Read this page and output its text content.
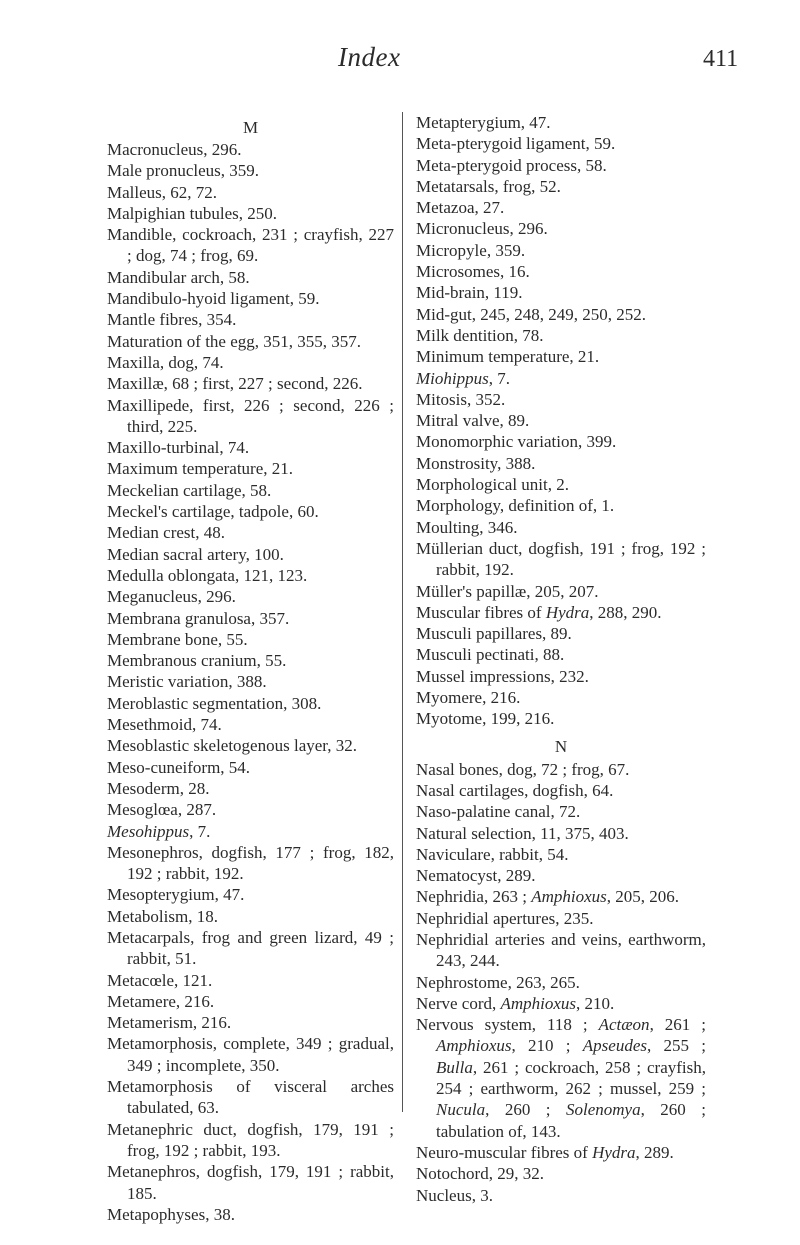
Index	411
M
Macronucleus, 296.
Male pronucleus, 359.
Malleus, 62, 72.
Malpighian tubules, 250.
Mandible, cockroach, 231 ; crayfish, 227 ; dog, 74 ; frog, 69.
Mandibular arch, 58.
Mandibulo-hyoid ligament, 59.
Mantle fibres, 354.
Maturation of the egg, 351, 355, 357.
Maxilla, dog, 74.
Maxillæ, 68 ; first, 227 ; second, 226.
Maxillipede, first, 226 ; second, 226 ; third, 225.
Maxillo-turbinal, 74.
Maximum temperature, 21.
Meckelian cartilage, 58.
Meckel's cartilage, tadpole, 60.
Median crest, 48.
Median sacral artery, 100.
Medulla oblongata, 121, 123.
Meganucleus, 296.
Membrana granulosa, 357.
Membrane bone, 55.
Membranous cranium, 55.
Meristic variation, 388.
Meroblastic segmentation, 308.
Mesethmoid, 74.
Mesoblastic skeletogenous layer, 32.
Meso-cuneiform, 54.
Mesoderm, 28.
Mesoglœa, 287.
Mesohippus, 7.
Mesonephros, dogfish, 177 ; frog, 182, 192 ; rabbit, 192.
Mesopterygium, 47.
Metabolism, 18.
Metacarpals, frog and green lizard, 49 ; rabbit, 51.
Metacœle, 121.
Metamere, 216.
Metamerism, 216.
Metamorphosis, complete, 349 ; gradual, 349 ; incomplete, 350.
Metamorphosis of visceral arches tabulated, 63.
Metanephric duct, dogfish, 179, 191 ; frog, 192 ; rabbit, 193.
Metanephros, dogfish, 179, 191 ; rabbit, 185.
Metapophyses, 38.
Metapterygium, 47.
Meta-pterygoid ligament, 59.
Meta-pterygoid process, 58.
Metatarsals, frog, 52.
Metazoa, 27.
Micronucleus, 296.
Micropyle, 359.
Microsomes, 16.
Mid-brain, 119.
Mid-gut, 245, 248, 249, 250, 252.
Milk dentition, 78.
Minimum temperature, 21.
Miohippus, 7.
Mitosis, 352.
Mitral valve, 89.
Monomorphic variation, 399.
Monstrosity, 388.
Morphological unit, 2.
Morphology, definition of, 1.
Moulting, 346.
Müllerian duct, dogfish, 191 ; frog, 192 ; rabbit, 192.
Müller's papillæ, 205, 207.
Muscular fibres of Hydra, 288, 290.
Musculi papillares, 89.
Musculi pectinati, 88.
Mussel impressions, 232.
Myomere, 216.
Myotome, 199, 216.
N
Nasal bones, dog, 72 ; frog, 67.
Nasal cartilages, dogfish, 64.
Naso-palatine canal, 72.
Natural selection, 11, 375, 403.
Naviculare, rabbit, 54.
Nematocyst, 289.
Nephridia, 263 ; Amphioxus, 205, 206.
Nephridial apertures, 235.
Nephridial arteries and veins, earthworm, 243, 244.
Nephrostome, 263, 265.
Nerve cord, Amphioxus, 210.
Nervous system, 118 ; Actæon, 261 ; Amphioxus, 210 ; Apseudes, 255 ; Bulla, 261 ; cockroach, 258 ; crayfish, 254 ; earthworm, 262 ; mussel, 259 ; Nucula, 260 ; Solenomya, 260 ; tabulation of, 143.
Neuro-muscular fibres of Hydra, 289.
Notochord, 29, 32.
Nucleus, 3.
